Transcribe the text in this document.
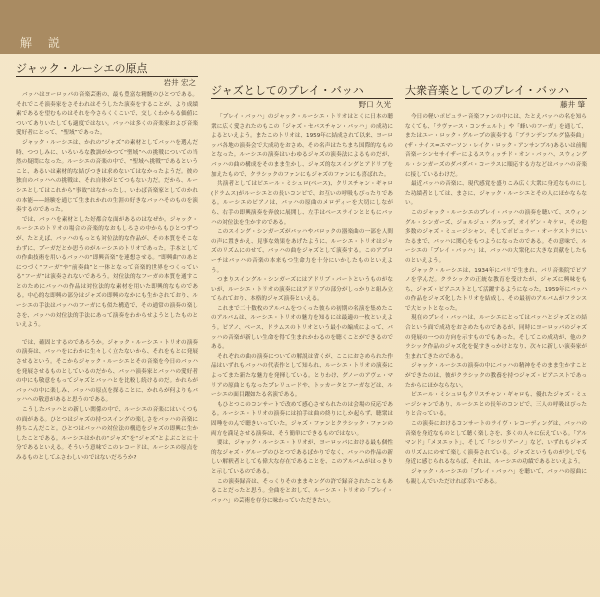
解 説
ジャック・ルーシエの原点
岩井 宏之

バッハはヨーロッパの音楽芸術の、最も豊富な精髄のひとつである。それでこそ演奏家をさそわれはそうしたた演奏をすることが、より成績素であるを望むものはそれを今さらくくこいで、交しくわからる価値についてありいたしても適度ではない。バッハは多くの音楽家および音楽愛好者にとって、“聖域”であった。

ジャック・ルーシエは、かれの“ジャズ”の素材としてバッハを選んだ時、つつしみに、いろいろな教訓がかつて“聖域”への挑戦についての当然の疑問になった。ルーシエの音楽の中で、“聖域へ挑戦”であるということ、あるいは素材的な結びつきは求めないてはなかったようだ。彼の独自のバッハへの挑戦は、それ自体がとてつもない力だ。だから、ルーシエとしてはこれから“事故”はなかったし、いわば音楽家としてのかれの本能——経験を通じて生まれかれの生涯の好きなバッハそのものを演奏するのであった。

では、バッハを素材とした好都合な面があるのはなぜか。ジャック・ルーシエのトリオの場合の音楽的なおもしろさの中からもひとつずつが、たとえば、バッハのもっとも対位法的な作品が、その本質をそこなわずに、プーガだとか思うのがルーシエのトリオであった。手本としての作曲技術を用いるバッハの“即興音楽”を連想させる。“即興曲”のあとにつづく“フーガ”や“前奏曲”と一体となって音楽的世界をつくっている“フーガ”は演奏されないであろう。対位法的なフーガの本質を通すことのためにバッハの作品は対位法的な素材を用いた即興的なものである。中心的な即興の部分はジャズの即興のなかにも生かされており、ルーシエの手法はバッハのフーガにも似た構造で、その通常の演奏の楽しさを、バッハの対位法的手法にあって演奏をわからせようとしたものといえよう。

では、確固とするのであろうか。ジャック・ルーシエ・トリオの演奏の演奏は、バッハをにわかに生々しく立たないから、それをもとに発展させるという。そこからジャック・ルーシエとその音楽を今日のバッハを発展させるものとしているのだから、バッハ演奏家とバッハの愛好者の中にも敬意をもってジャズとバッハとを比較し続けるのだ。かれらがバッハの中に楽しみ、バッハの原点を探ることに、かれらが何よりもバッハへの敬意があると思うのである。

こうしたバッハとの新しい関係の中で、ルーシエの音楽にはいくつもの面がある。ひとつはジャズの持つスイングの楽しさをバッハの音楽に持ちこんだこと。ひとつはバッハの対位法の構造をジャズの即興に生かしたことである。ルーシエはかれの“ジャズ”を“ジャズ”とよぶことに十分であるといえる。そういう意味でこのレコードは、ルーシエの原点をみるものとしてふさわしいのではないだろうか?

ジャズとしてのプレイ・バッハ
野口 久光

「プレイ・バッハ」のジャック・ルーシエ・トリオはとくに日本の聴衆に広く愛されたのもこの「ジャズ・セバスチャン・バッハ」の成功によるといえよう。またこのトリオは、1959年に結成されて以来、ヨーロッパ各地の演奏会で大成功をおさめ、その名声はたちまち国際的なものとなった。ルーシエの演奏はいわゆるジャズの演奏法によるものだが、バッハの曲の構成をそのまま生かし、ジャズ的なスイングとアドリブを加えたもので、クラシックのファンにもジャズのファンにも喜ばれた。

共演者としてはピエール・ミシュロ(ベース)、クリスチャン・ギャロ(ドラムス)がルーシエとの長いコンビで、お互いの呼吸もぴったりである。ルーシエのピアノは、バッハの原曲のメロディーを大切にしながら、右手の即興演奏を奔放に展開し、左手はベースラインとともにバッハの対位法を生かすのである。

このスイング・シンガーズがバッハやバロックの器楽曲の一部を人間の声に置きかえ、見事な効果をあげたように、ルーシエ・トリオはジャズのリズムにのせて、バッハの曲をジャズとして演奏する。このアプローチはバッハの音楽の本来もつ生命力を十分にいかしたものといえよう。

つまりスイングル・シンガーズにはアドリブ・パートというものがないが、ルーシエ・トリオの演奏にはアドリブの部分がしっかりと組み立てられており、本格的ジャズ演奏といえる。

これまで二十数枚のアルバムをつくった彼らの初期の名演を集めたこのアルバムは、ルーシエ・トリオの魅力を知るには最適の一枚といえよう。ピアノ、ベース、ドラムスのトリオという最小の編成によって、バッハの音楽が新しい生命を得て生まれかわるのを聴くことができるのである。

それぞれの曲の演奏についての解説は省くが、ここにおさめられた作品はいずれもバッハの代表作として知られ、ルーシエ・トリオの演奏によってまた新たな魅力を発揮している。とりわけ、グノーのアヴェ・マリアの原曲ともなったプレリュードや、トッカータとフーガなどは、ルーシエの面目躍如たる名演である。

もひとつこのコンサートで改めて感心させられたのは会場の反応である。ルーシエ・トリオの演奏には拍手は曲の終りにしか起らず、聴衆は固唾をのんで聴きいっていた。ジャズ・ファンとクラシック・ファンの両方を満足させる演奏は、そう簡単にできるものではない。

要は、ジャック・ルーシエ・トリオが、ヨーロッパにおける最も個性的なジャズ・グループのひとつであるばかりでなく、バッハの作品の新しい解釈者としても偉大な存在であることを、このアルバムがはっきりと示しているのである。

この演奏録音は、そっくりそのままキングの許で録音されたこともあることだったと思う。全曲をとおして、ルーシエ・トリオの「プレイ・バッハ」の芸術を存分に味わっていただきたい。

大衆音楽としてのプレイ・バッハ
藤井 肇

今日の軽いポピュラー音楽ファンの中には、たとえバッハの名を知らなくても、「ラヴァース・コンチェルト」や「蜂いのフーガ」を通して、またはユー・ロック・グループの演奏する「ブランデンブルグ協奏曲」(ザ・ナイス=エマーソン・レイク・ロック・アンサンブル)あるいは前衛音楽ーシンセサイザーによるスウィッチド・オン・バッハ、スウィングル・シンガーズのダバダバ・コーラスに順応する方などはバッハの音楽に接しているわけだ。

最近バッハの音楽に、現代感覚を盛りこみ広く大衆に身近なものにした功績者としては、まさに、ジャック・ルーシエとその人にほかならない。

このジャック・ルーシエのプレイ・バッハの演奏を聴いて、スウィングル・シンガーズ、ジョルジュ・グルップ、オイゲン・キケロ、その他多数のジャズ・ミュージシャン、そしてポピュラー・オーケストラにいたるまで、バッハに関心をもつようになったのである。その意味で、ルーシエの「プレイ・バッハ」は、バッハの大衆化に大きな貢献をしたものといえよう。

ジャック・ルーシエは、1934年にパリで生まれ、パリ音楽院でピアノを学んだ。クラシックの正統な教育を受けたが、ジャズに興味をもち、ジャズ・ピアニストとして活躍するようになった。1959年にバッハの作品をジャズ化したトリオを結成し、その最初のアルバムがフランスで大ヒットとなった。

現在のプレイ・バッハは、ルーシエにとってはバッハとジャズとの結合という面で成功をおさめたものであるが、同時にヨーロッパのジャズの発展の一つの方向を示すものでもあった。そしてこの成功が、他のクラシック作品のジャズ化を促すきっかけとなり、次々に新しい演奏家が生まれてきたのである。

ジャック・ルーシエの演奏の中にバッハの精神をそのまま生かすことができたのは、彼がクラシックの教養を持つジャズ・ピアニストであったからにほかならない。

ピエール・ミシュロもクリスチャン・ギャロも、優れたジャズ・ミュージシャンであり、ルーシエとの長年のコンビで、三人の呼吸はぴったりと合っている。

この演奏におけるコンサートのライヴ・レコーディングは、バッハの音楽を身近なものとして聴く楽しさを、多くの人々に伝えている。「アルマンド」「メヌエット」、そして「シシリアーノ」など、いずれもジャズのリズムにのせて楽しく演奏されている。ジャズというものが少しでも身近に感じられるならば、それは、ルーシエの功績であるといえよう。

ジャック・ルーシエの「プレイ・バッハ」を聴いて、バッハの原曲にも親しんでいただければ幸いである。
